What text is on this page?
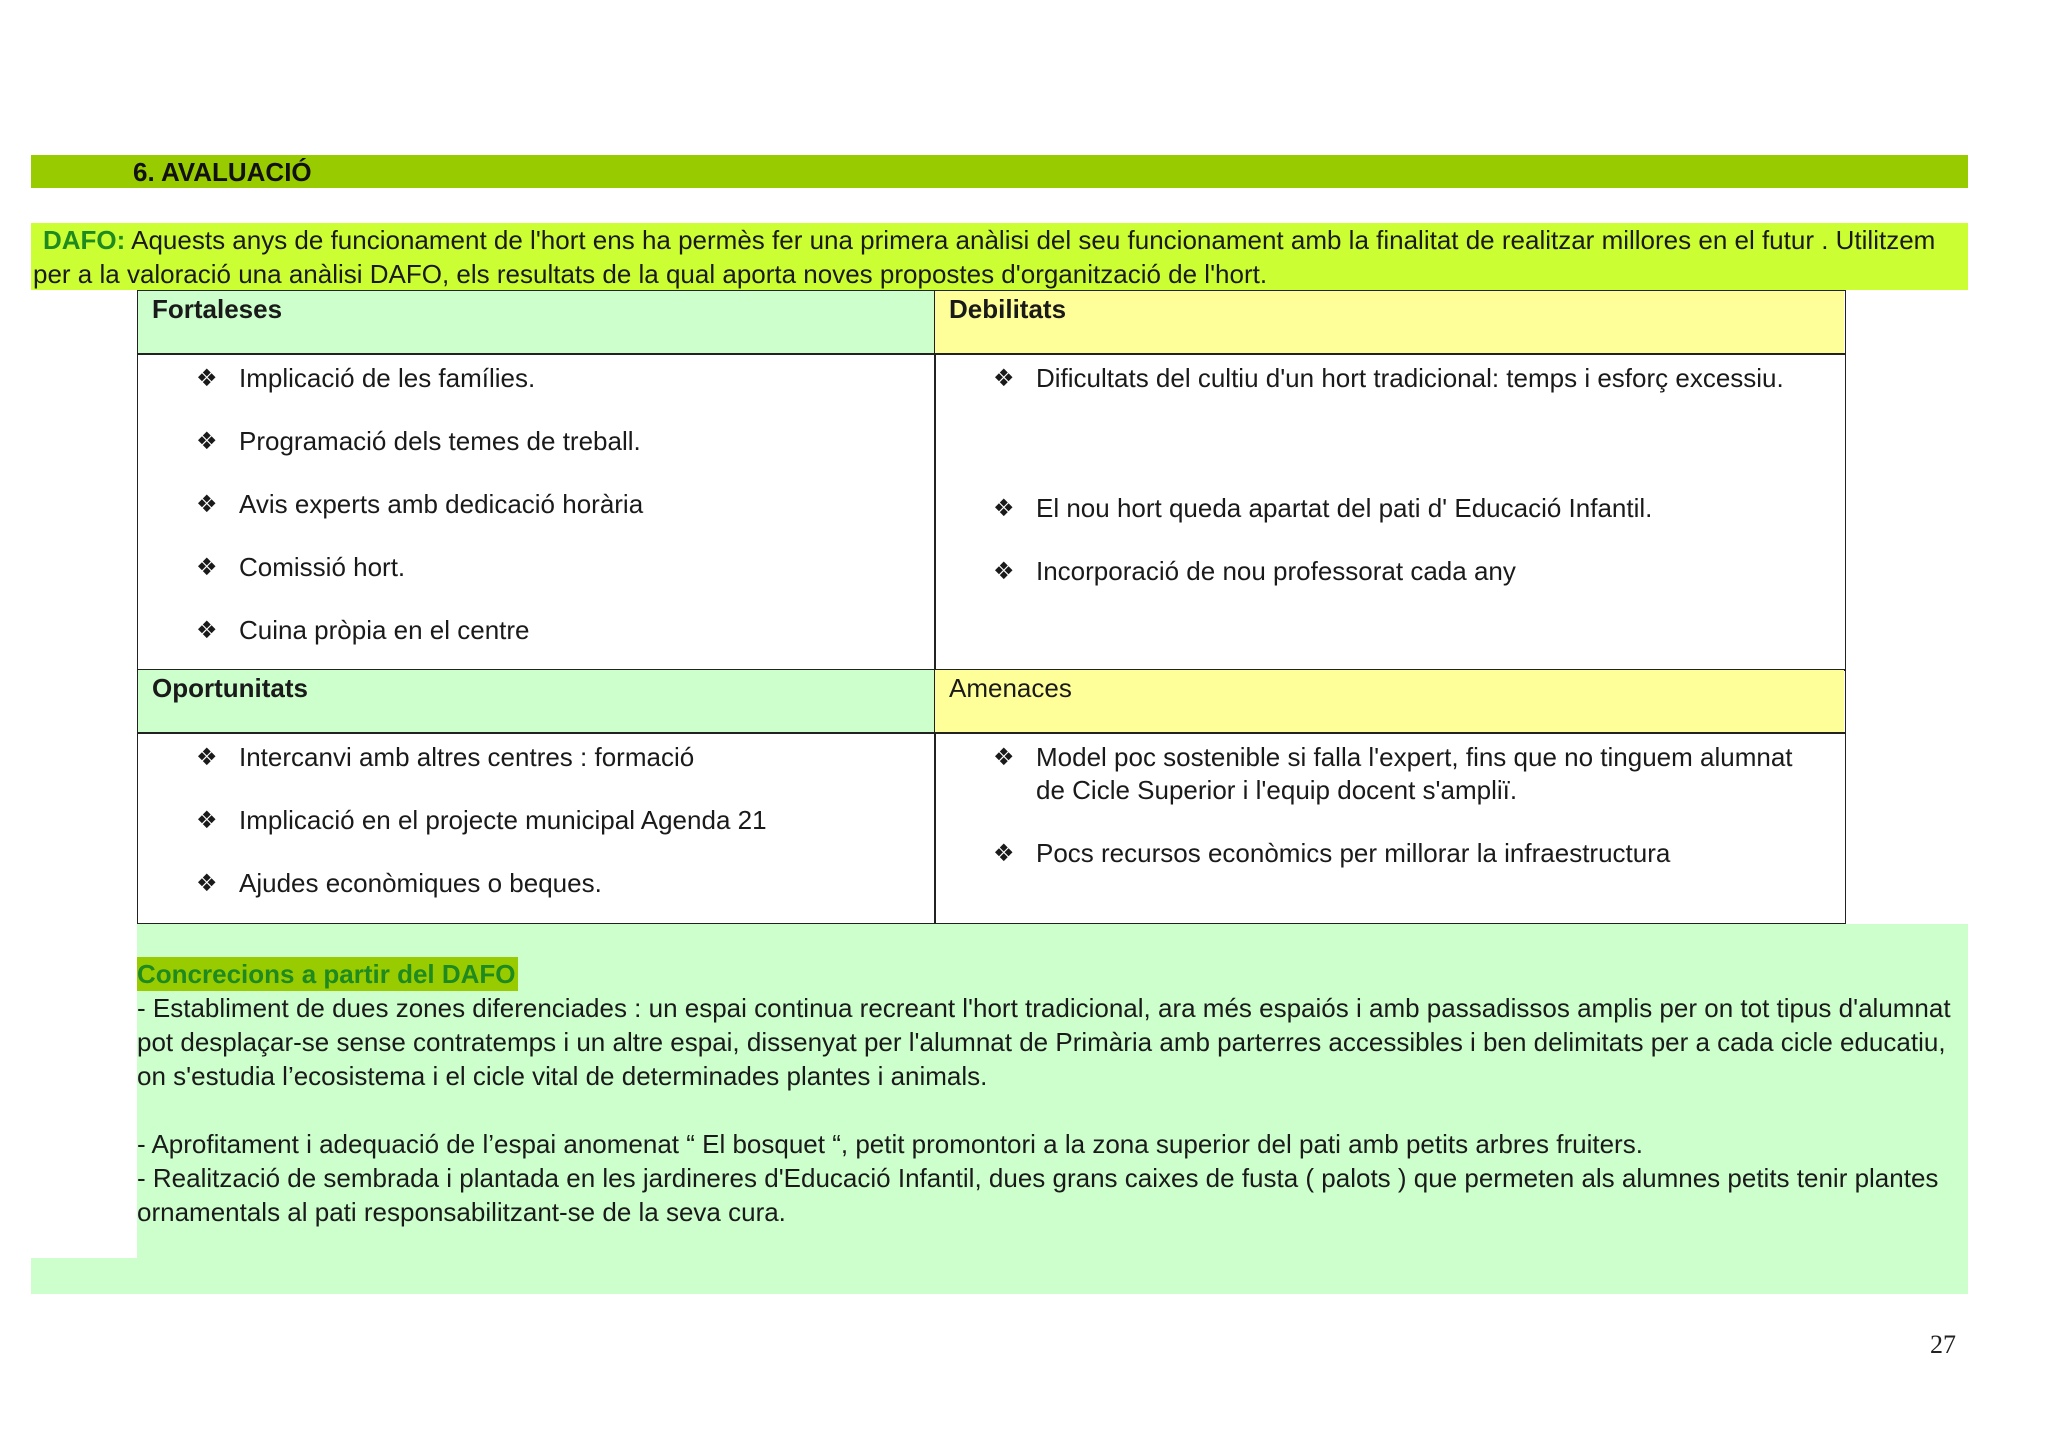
6. AVALUACIÓ
DAFO: Aquests anys de funcionament de l'hort ens ha permès fer una primera anàlisi del seu funcionament amb la finalitat de realitzar millores en el futur . Utilitzem per a la valoració una anàlisi DAFO, els resultats de la qual aporta noves propostes d'organització de l'hort.
Fortaleses	Debilitats
❖ Implicació de les famílies.
❖ Programació dels temes de treball.
❖ Avis experts amb dedicació horària
❖ Comissió hort.
❖ Cuina pròpia en el centre
❖ Dificultats del cultiu d'un hort tradicional: temps i esforç excessiu.
❖ El nou hort queda apartat del pati d' Educació Infantil.
❖ Incorporació de nou professorat cada any
Oportunitats	Amenaces
❖ Intercanvi amb altres centres : formació
❖ Implicació en el projecte municipal Agenda 21
❖ Ajudes econòmiques o beques.
❖ Model poc sostenible si falla l'expert, fins que no tinguem alumnat de Cicle Superior i l'equip docent s'ampliï.
❖ Pocs recursos econòmics per millorar la infraestructura
Concrecions a partir del DAFO

- Establiment de dues zones diferenciades : un espai continua recreant l'hort tradicional, ara més espaiós i amb passadissos amplis per on tot tipus d'alumnat pot desplaçar-se sense contratemps i un altre espai, dissenyat per l'alumnat de Primària amb parterres accessibles i ben delimitats per a cada cicle educatiu, on s'estudia l’ecosistema i el cicle vital de determinades plantes i animals.

- Aprofitament i adequació de l’espai anomenat “ El bosquet “, petit promontori a la zona superior del pati amb petits arbres fruiters.

- Realització de sembrada i plantada en les jardineres d'Educació Infantil, dues grans caixes de fusta ( palots ) que permeten als alumnes petits tenir plantes ornamentals al pati responsabilitzant-se de la seva cura.

27
